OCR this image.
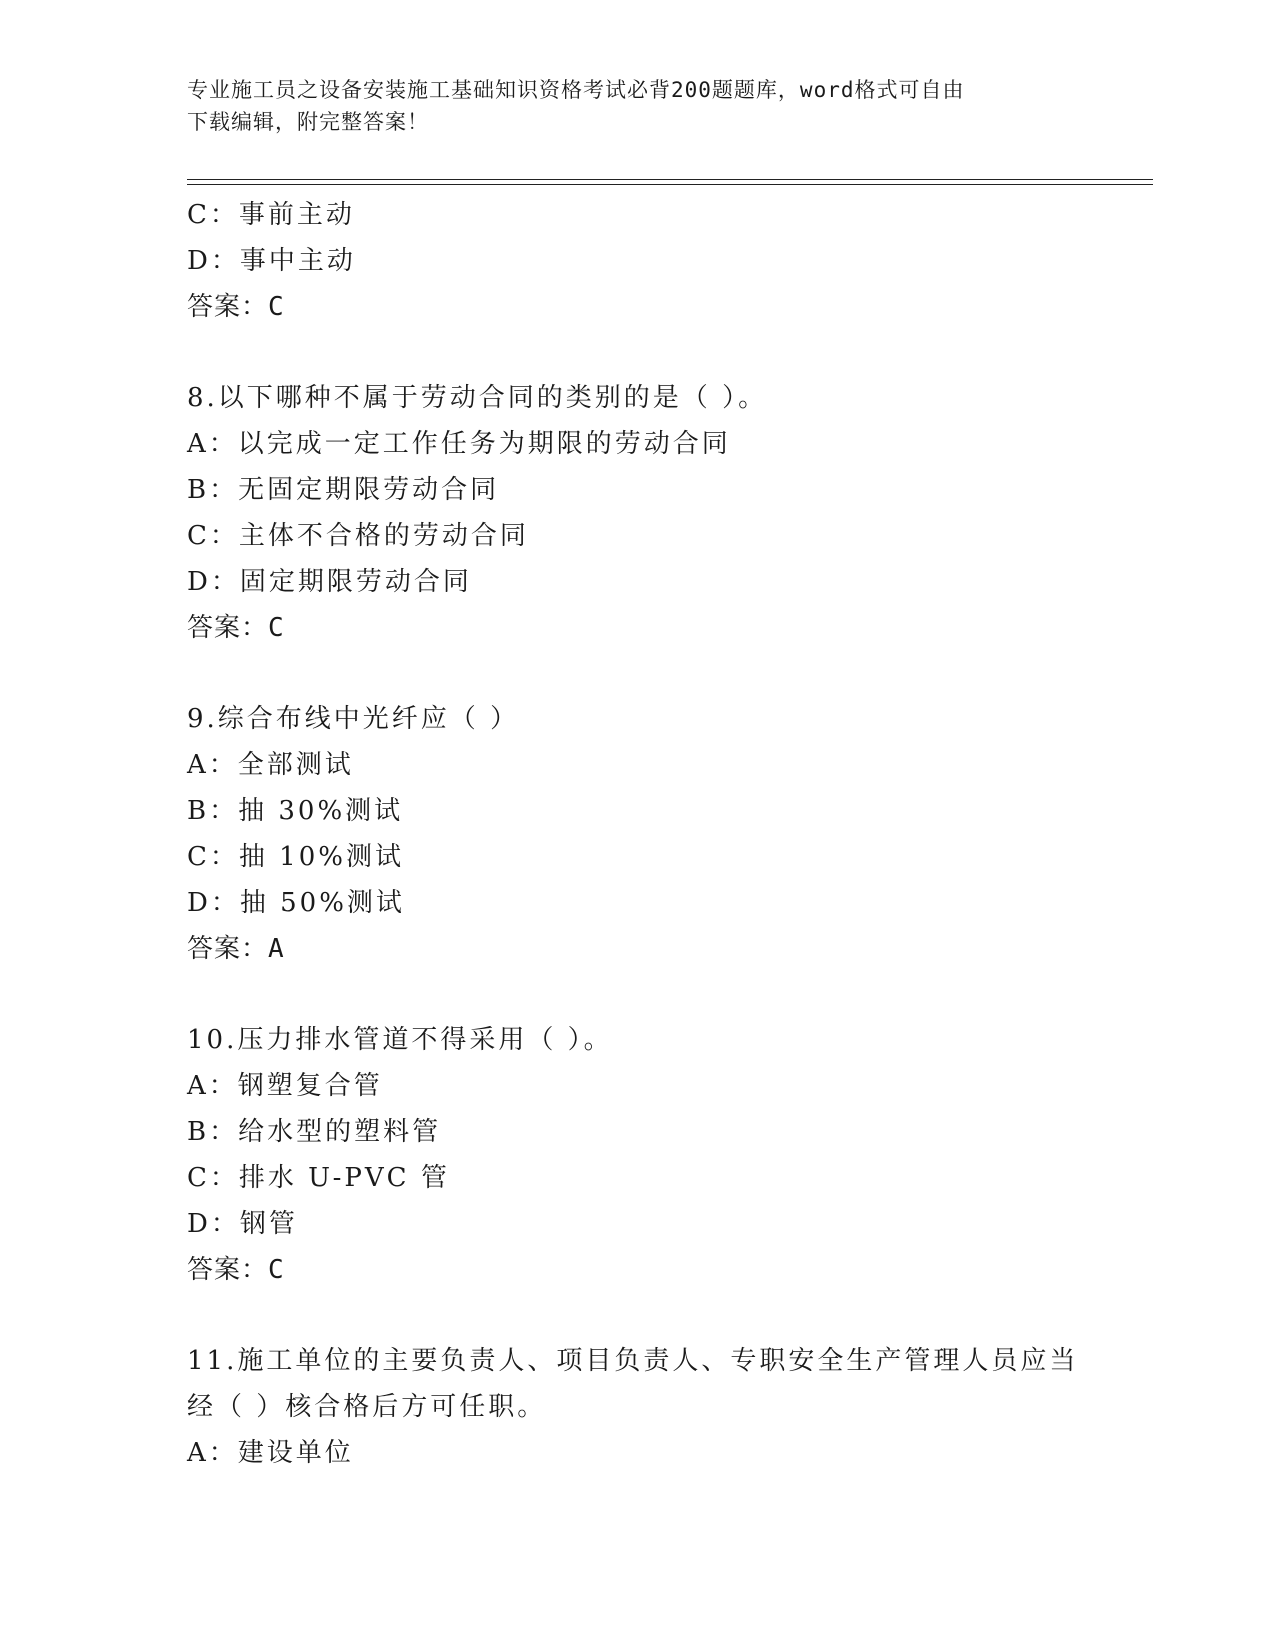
专业施工员之设备安装施工基础知识资格考试必背200题题库，word格式可自由
下载编辑，附完整答案！
C：事前主动
D：事中主动
答案：C
8.以下哪种不属于劳动合同的类别的是（ ）。
A：以完成一定工作任务为期限的劳动合同
B：无固定期限劳动合同
C：主体不合格的劳动合同
D：固定期限劳动合同
答案：C
9.综合布线中光纤应（ ）
A：全部测试
B：抽 30%测试
C：抽 10%测试
D：抽 50%测试
答案：A
10.压力排水管道不得采用（ ）。
A：钢塑复合管
B：给水型的塑料管
C：排水 U-PVC 管
D：钢管
答案：C
11.施工单位的主要负责人、项目负责人、专职安全生产管理人员应当
经（ ）核合格后方可任职。
A：建设单位
